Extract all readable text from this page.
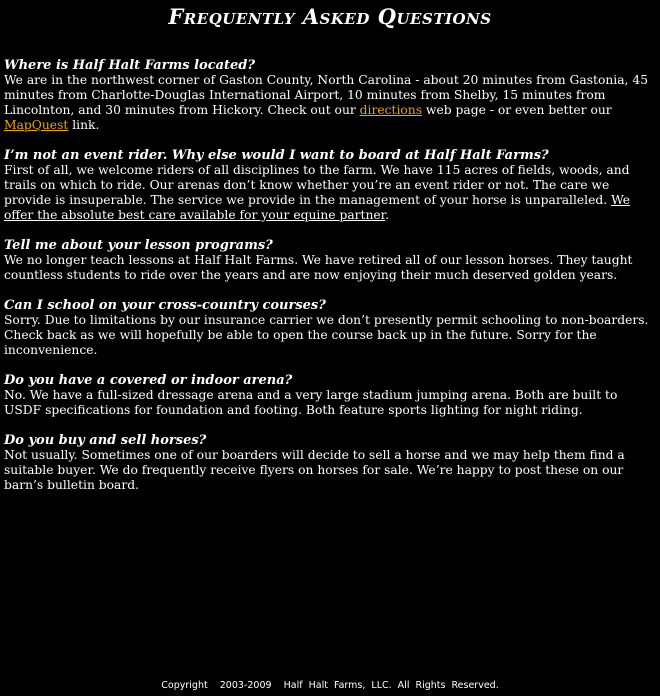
Frequently Asked Questions
Where is Half Halt Farms located?
We are in the northwest corner of Gaston County, North Carolina - about 20 minutes from Gastonia, 45 minutes from Charlotte-Douglas International Airport, 10 minutes from Shelby, 15 minutes from Lincolnton, and 30 minutes from Hickory. Check out our directions web page - or even better our MapQuest link.
I’m not an event rider. Why else would I want to board at Half Halt Farms?
First of all, we welcome riders of all disciplines to the farm. We have 115 acres of fields, woods, and trails on which to ride. Our arenas don’t know whether you’re an event rider or not. The care we provide is insuperable. The service we provide in the management of your horse is unparalleled. We offer the absolute best care available for your equine partner.
Tell me about your lesson programs?
We no longer teach lessons at Half Halt Farms. We have retired all of our lesson horses. They taught countless students to ride over the years and are now enjoying their much deserved golden years.
Can I school on your cross-country courses?
Sorry. Due to limitations by our insurance carrier we don’t presently permit schooling to non-boarders. Check back as we will hopefully be able to open the course back up in the future. Sorry for the inconvenience.
Do you have a covered or indoor arena?
No. We have a full-sized dressage arena and a very large stadium jumping arena. Both are built to USDF specifications for foundation and footing. Both feature sports lighting for night riding.
Do you buy and sell horses?
Not usually. Sometimes one of our boarders will decide to sell a horse and we may help them find a suitable buyer. We do frequently receive flyers on horses for sale. We’re happy to post these on our barn’s bulletin board.
Copyright    2003-2009    Half  Halt  Farms,  LLC.  All  Rights  Reserved.
